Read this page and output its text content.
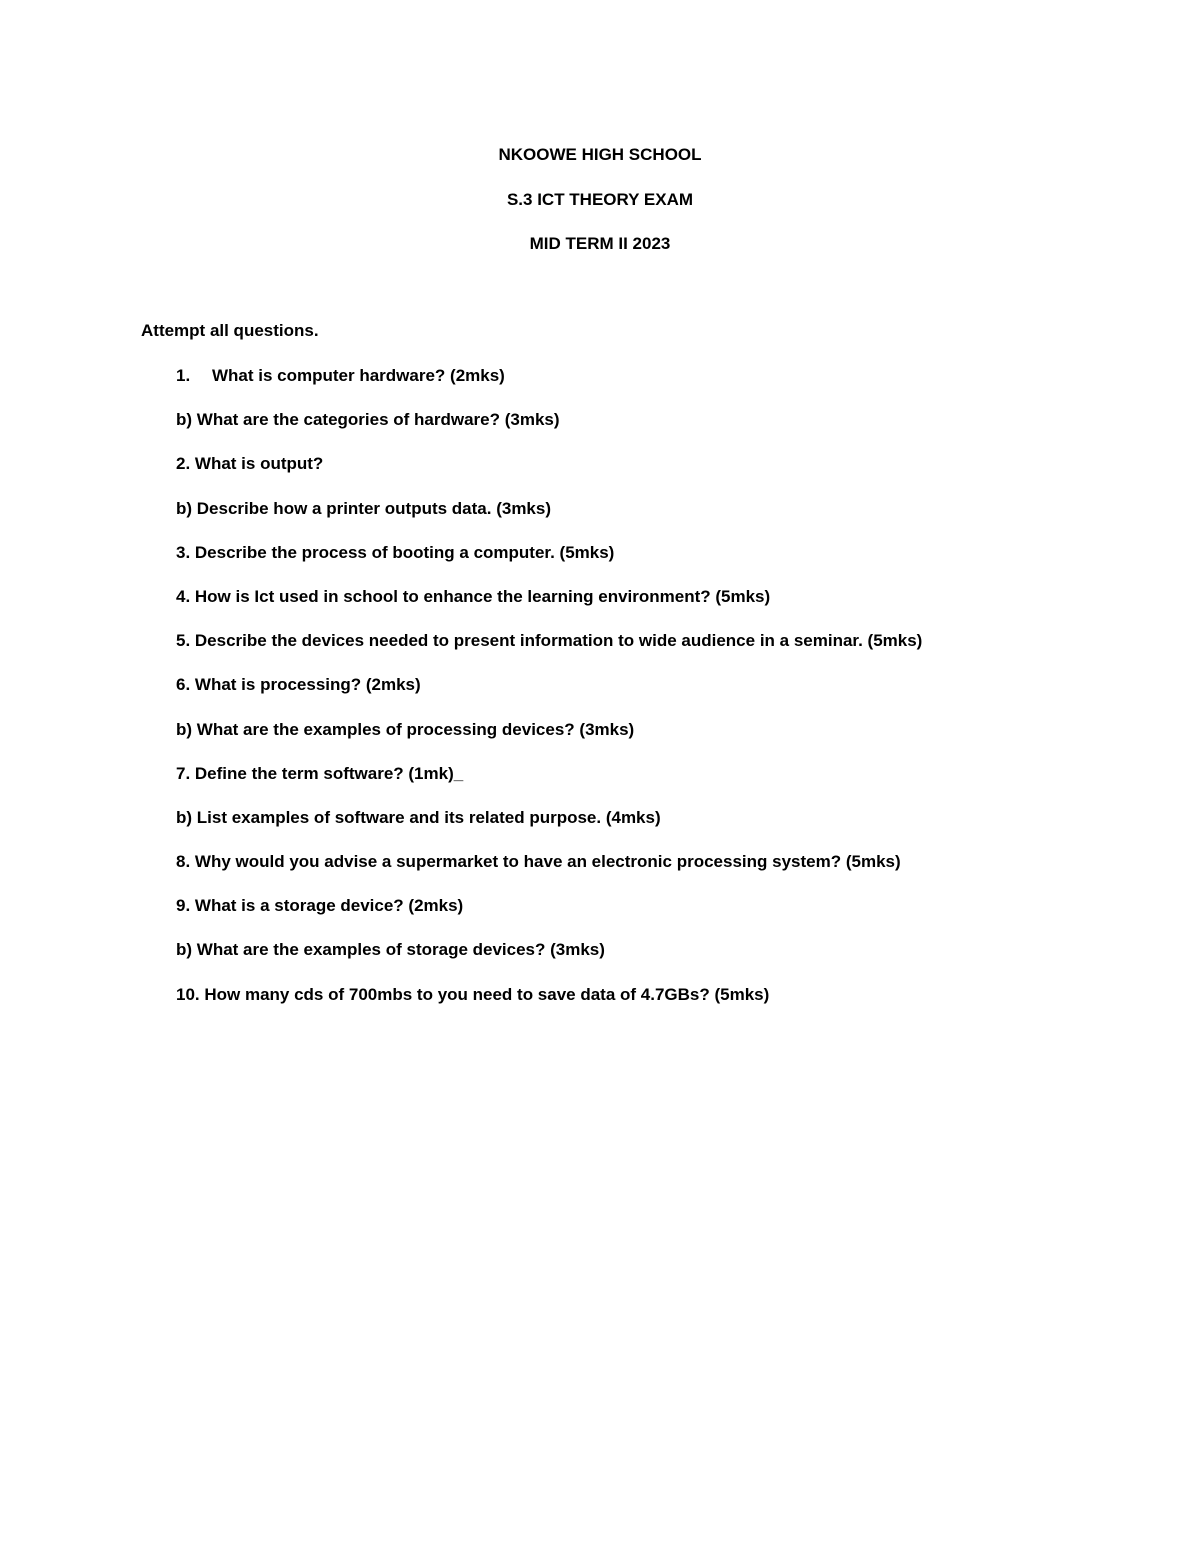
NKOOWE HIGH SCHOOL

S.3 ICT THEORY EXAM

MID TERM II 2023

Attempt all questions.

1. What is computer hardware? (2mks)
b) What are the categories of hardware? (3mks)
2. What is output?
b) Describe how a printer outputs data. (3mks)
3. Describe the process of booting a computer. (5mks)
4. How is Ict used in school to enhance the learning environment? (5mks)
5. Describe the devices needed to present information to wide audience in a seminar. (5mks)
6. What is processing? (2mks)
b) What are the examples of processing devices? (3mks)
7. Define the term software? (1mk)_
b) List examples of software and its related purpose. (4mks)
8. Why would you advise a supermarket to have an electronic processing system? (5mks)
9. What is a storage device? (2mks)
b) What are the examples of storage devices? (3mks)
10. How many cds of 700mbs to you need to save data of 4.7GBs? (5mks)
